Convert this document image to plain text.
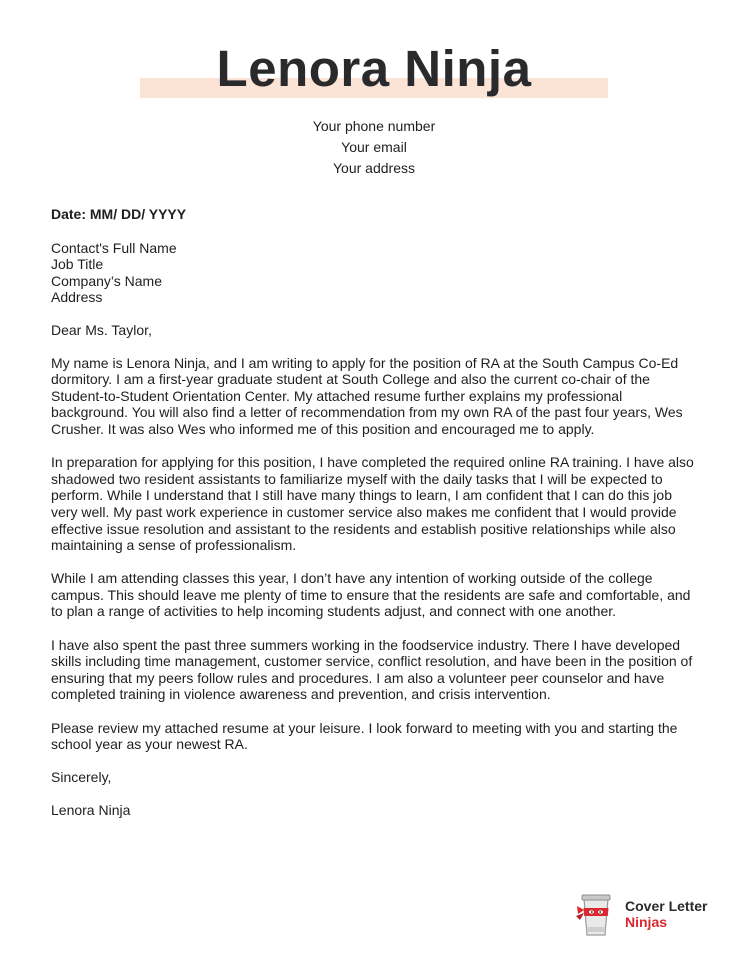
Lenora Ninja
Your phone number
Your email
Your address
Date: MM/ DD/ YYYY
Contact's Full Name
Job Title
Company’s Name
Address
Dear Ms. Taylor,

My name is Lenora Ninja, and I am writing to apply for the position of RA at the South Campus Co-Ed dormitory. I am a first-year graduate student at South College and also the current co-chair of the Student-to-Student Orientation Center. My attached resume further explains my professional background. You will also find a letter of recommendation from my own RA of the past four years, Wes Crusher. It was also Wes who informed me of this position and encouraged me to apply.

In preparation for applying for this position, I have completed the required online RA training. I have also shadowed two resident assistants to familiarize myself with the daily tasks that I will be expected to perform. While I understand that I still have many things to learn, I am confident that I can do this job very well. My past work experience in customer service also makes me confident that I would provide effective issue resolution and assistant to the residents and establish positive relationships while also maintaining a sense of professionalism.

While I am attending classes this year, I don’t have any intention of working outside of the college campus. This should leave me plenty of time to ensure that the residents are safe and comfortable, and to plan a range of activities to help incoming students adjust, and connect with one another.

I have also spent the past three summers working in the foodservice industry. There I have developed skills including time management, customer service, conflict resolution, and have been in the position of ensuring that my peers follow rules and procedures. I am also a volunteer peer counselor and have completed training in violence awareness and prevention, and crisis intervention.

Please review my attached resume at your leisure. I look forward to meeting with you and starting the school year as your newest RA.

Sincerely,
Lenora Ninja
Cover Letter
Ninjas
